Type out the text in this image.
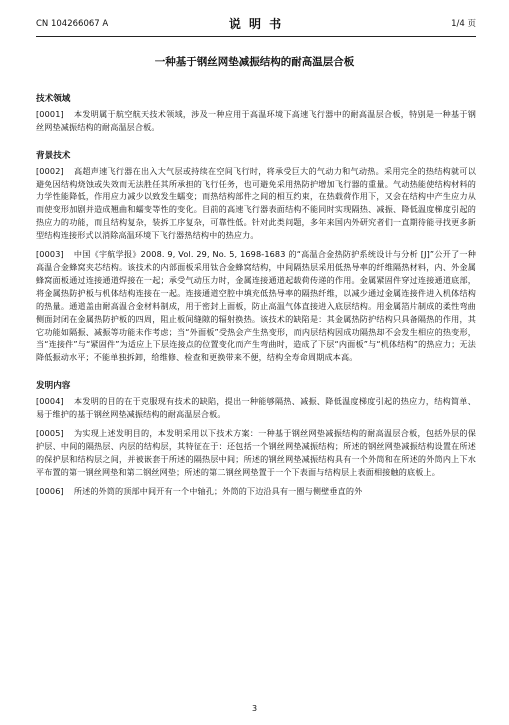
CN 104266067 A	说 明 书	1/4 页
一种基于钢丝网垫减振结构的耐高温层合板
技术领域

[0001] 本发明属于航空航天技术领域，涉及一种应用于高温环境下高速飞行器中的耐高温层合板，特别是一种基于钢丝网垫减振结构的耐高温层合板。

背景技术

[0002] 高超声速飞行器在出入大气层或持续在空间飞行时，将承受巨大的气动力和气动热。采用完全的热结构就可以避免因结构烧蚀或失效而无法胜任其所承担的飞行任务，也可避免采用热防护增加飞行器的重量。气动热能使结构材料的力学性能降低，作用应力减少以致发生蠕变；而热结构部件之间的相互约束，在热载荷作用下，又会在结构中产生应力从而使变形加剧并造成翘曲和蠕变等性的变化。目前的高速飞行器表面结构不能同时实现隔热、减振、降低温度梯度引起的热应力的功能，而且结构复杂，装拆工序复杂，可靠性低。针对此类问题，多年来国内外研究者们一直期待能寻找更多新型结构连接形式以消除高温环境下飞行器热结构中的热应力。

[0003] 中国《宇航学报》2008. 9, Vol. 29, No. 5, 1698-1683 的“高温合金热防护系统设计与分析 [J]”公开了一种高温合金蜂窝夹芯结构。该技术的内部面板采用钛合金蜂窝结构，中间隔热层采用低热导率的纤维隔热材料，内、外金属蜂窝面板通过连接通道焊接在一起；承受气动压力时，金属连接通道起载荷传递的作用。金属紧固件穿过连接通道底部，将金属热防护板与机体结构连接在一起。连接通道空腔中填充低热导率的隔热纤维，以减少通过金属连接件进入机体结构的热量。通道盖由耐高温合金材料制成，用于密封上面板，防止高温气体直接进入底层结构。用金属箔片制成的柔性弯曲侧面封闭在金属热防护板的四周，阻止板间缝隙的辐射换热。该技术的缺陷是：其金属热防护结构只具备隔热的作用，其它功能如隔振、减振等功能未作考虑；当“外面板”受热会产生热变形，而内层结构因成功隔热却不会发生相应的热变形，当“连接件”与“紧固件”为适应上下层连接点的位置变化而产生弯曲时，造成了下层“内面板”与“机体结构”的热应力；无法降低振动水平；不能单独拆卸，给维修、检查和更换带来不便，结构全寿命周期成本高。

发明内容

[0004] 本发明的目的在于克服现有技术的缺陷，提出一种能够隔热、减振、降低温度梯度引起的热应力，结构简单、易于维护的基于钢丝网垫减振结构的耐高温层合板。

[0005] 为实现上述发明目的，本发明采用以下技术方案：一种基于钢丝网垫减振结构的耐高温层合板，包括外层的保护层、中间的隔热层、内层的结构层，其特征在于：还包括一个钢丝网垫减振结构；所述的钢丝网垫减振结构设置在所述的保护层和结构层之间，并被嵌套于所述的隔热层中间；所述的钢丝网垫减振结构具有一个外筒和在所述的外筒内上下水平布置的第一钢丝网垫和第二钢丝网垫；所述的第二钢丝网垫置于一个下表面与结构层上表面相接触的底板上。

[0006] 所述的外筒的顶部中间开有一个中轴孔；外筒的下边沿具有一圈与侧壁垂直的外

3
